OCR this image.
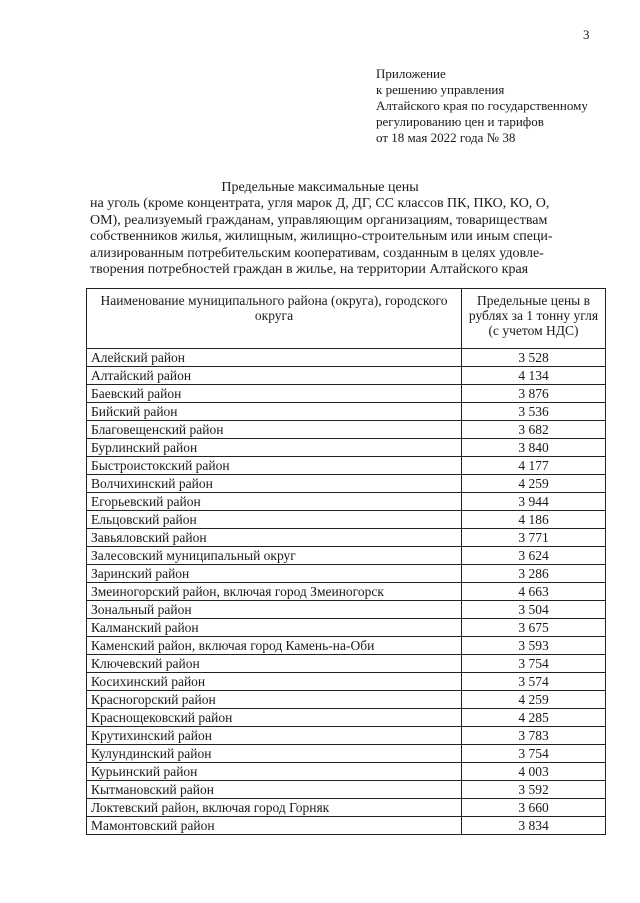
3
Приложение
к решению управления
Алтайского края по государственному
регулированию цен и тарифов
от 18 мая 2022 года № 38
Предельные максимальные цены
на уголь (кроме концентрата, угля марок Д, ДГ, СС классов ПК, ПКО, КО, О,
ОМ), реализуемый гражданам, управляющим организациям, товариществам
собственников жилья, жилищным, жилищно-строительным или иным специ-
ализированным потребительским кооперативам, созданным в целях удовле-
творения потребностей граждан в жилье, на территории Алтайского края
Наименование муниципального района (округа), городского округа	Предельные цены в рублях за 1 тонну угля (с учетом НДС)
Алейский район	3 528
Алтайский район	4 134
Баевский район	3 876
Бийский район	3 536
Благовещенский район	3 682
Бурлинский район	3 840
Быстроистокский район	4 177
Волчихинский район	4 259
Егорьевский район	3 944
Ельцовский район	4 186
Завьяловский район	3 771
Залесовский муниципальный округ	3 624
Заринский район	3 286
Змеиногорский район, включая город Змеиногорск	4 663
Зональный район	3 504
Калманский район	3 675
Каменский район, включая город Камень-на-Оби	3 593
Ключевский район	3 754
Косихинский район	3 574
Красногорский район	4 259
Краснощековский район	4 285
Крутихинский район	3 783
Кулундинский район	3 754
Курьинский район	4 003
Кытмановский район	3 592
Локтевский район, включая город Горняк	3 660
Мамонтовский район	3 834
